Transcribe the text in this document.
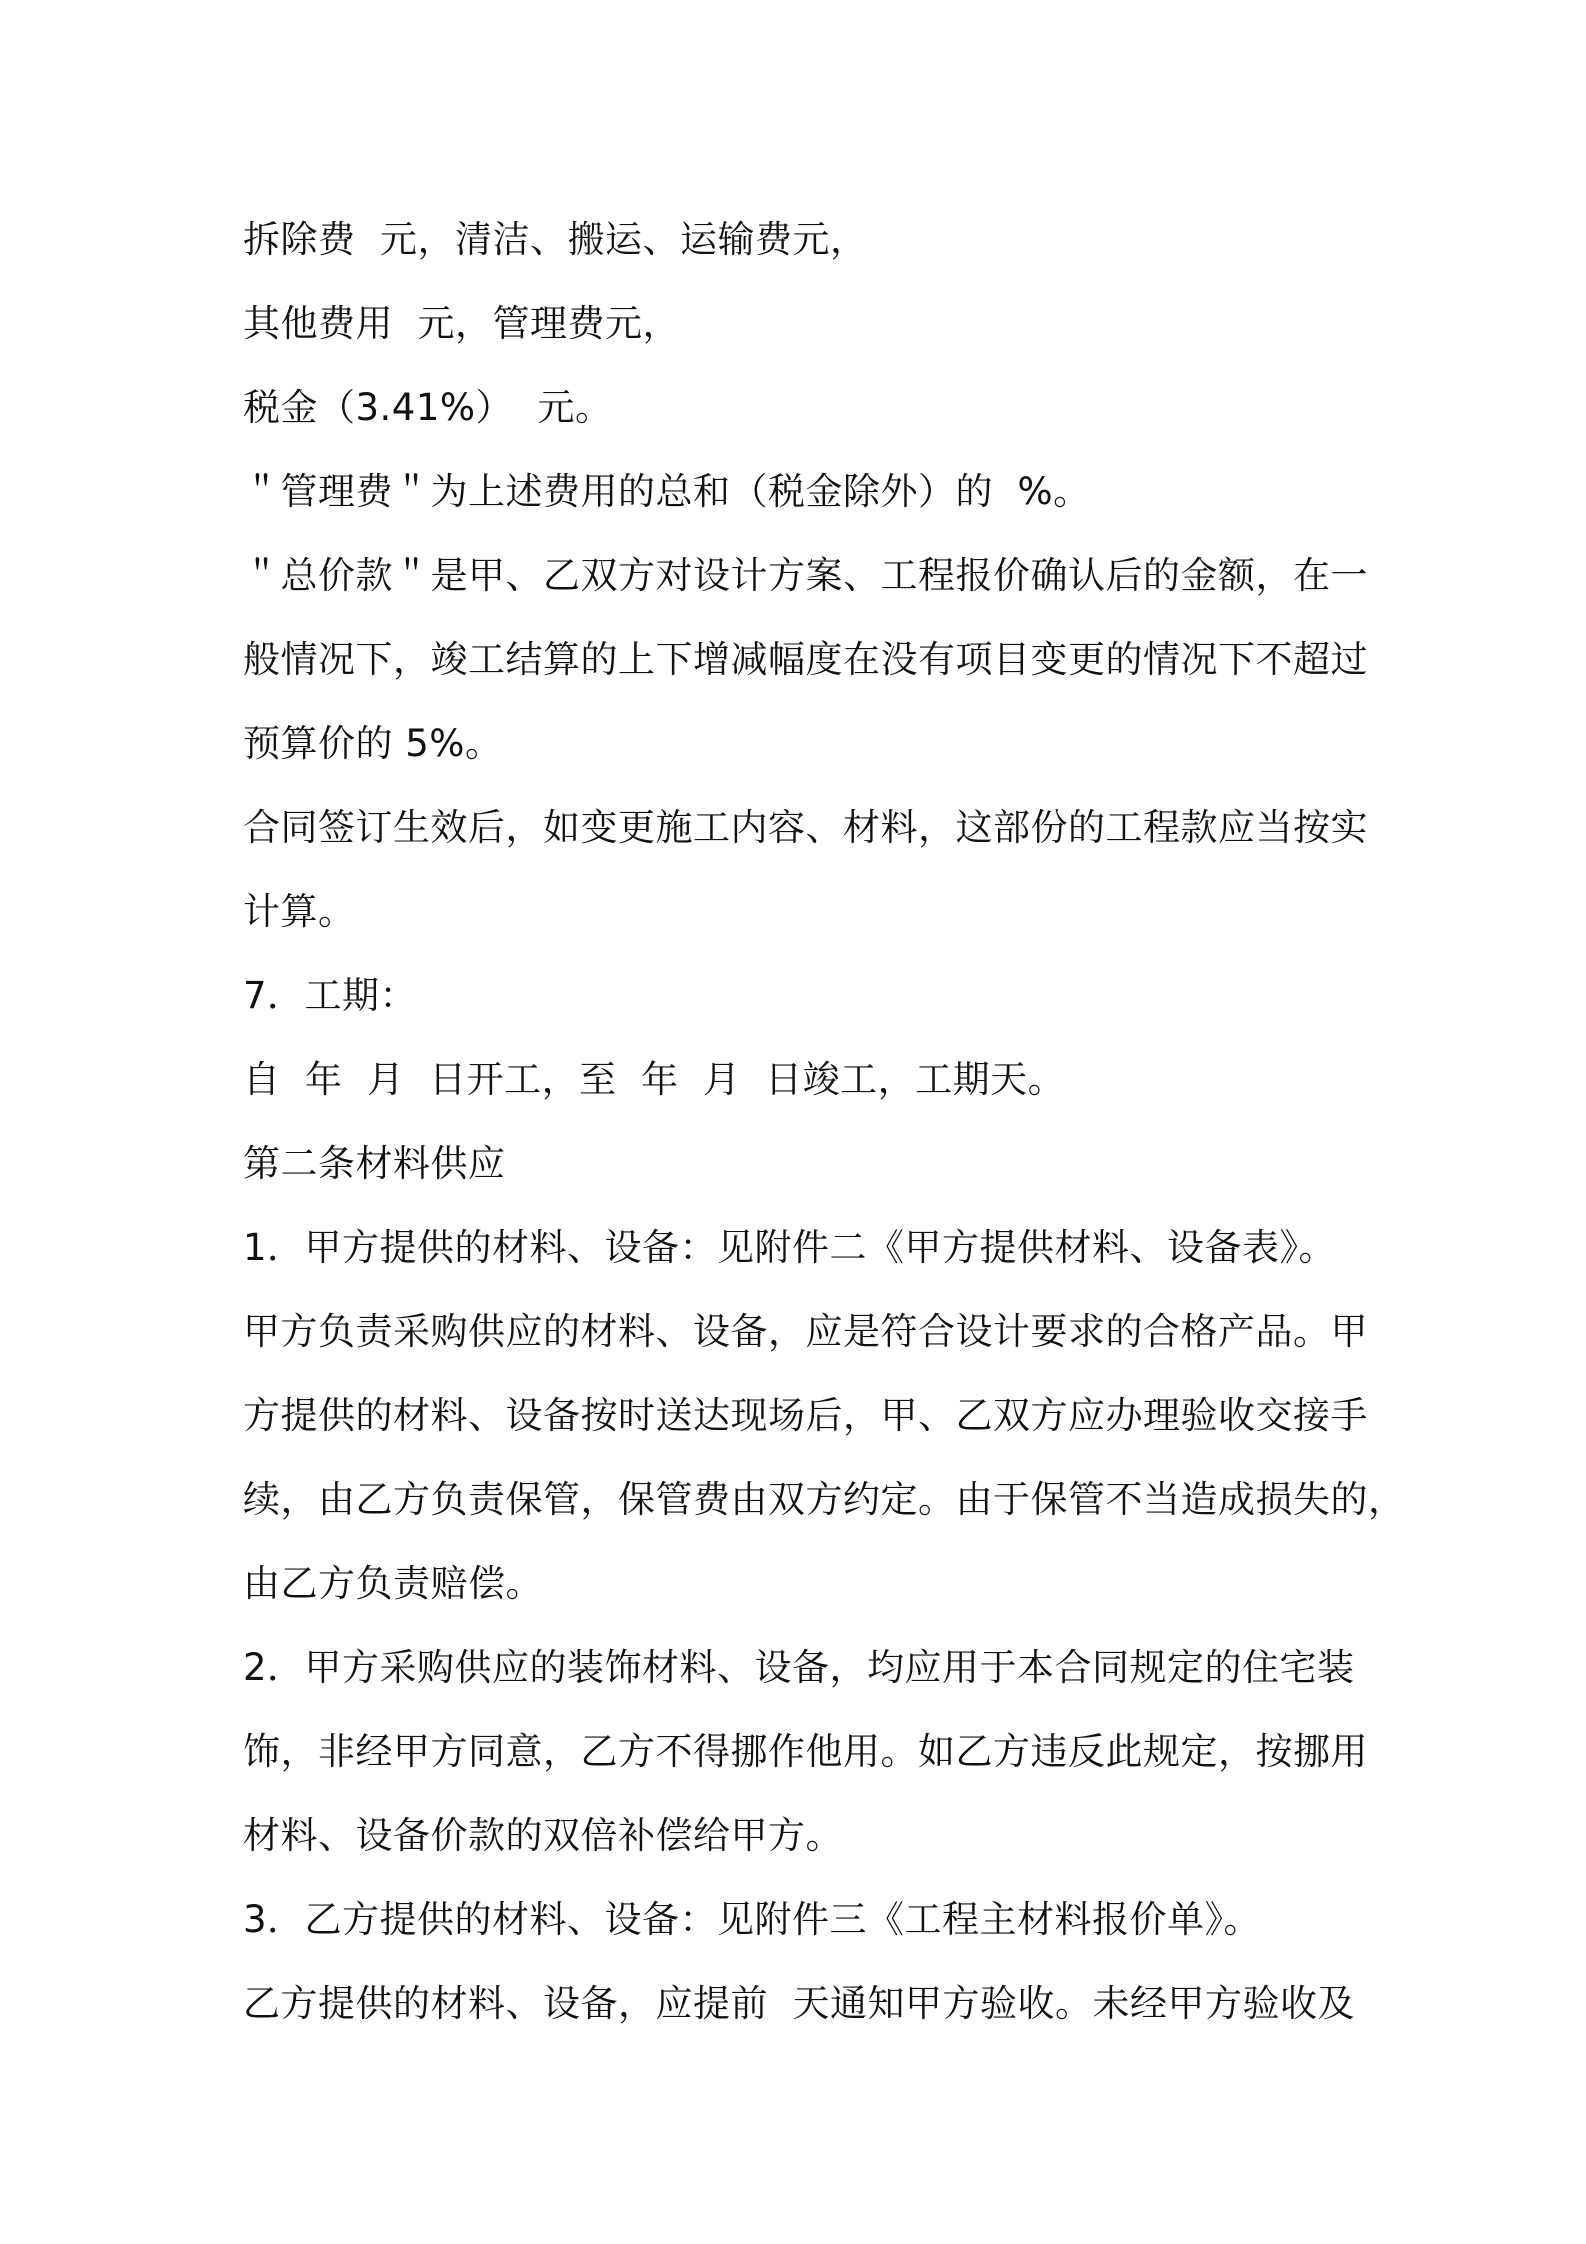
拆除费  元，清洁、搬运、运输费元，
其他费用  元，管理费元，
税金（3.41%）  元。
＂管理费＂为上述费用的总和（税金除外）的  %。
＂总价款＂是甲、乙双方对设计方案、工程报价确认后的金额，在一
般情况下，竣工结算的上下增减幅度在没有项目变更的情况下不超过
预算价的 5%。
合同签订生效后，如变更施工内容、材料，这部份的工程款应当按实
计算。
7．工期：
自  年  月  日开工，至  年  月  日竣工，工期天。
第二条材料供应
1．甲方提供的材料、设备：见附件二《甲方提供材料、设备表》。
甲方负责采购供应的材料、设备，应是符合设计要求的合格产品。甲
方提供的材料、设备按时送达现场后，甲、乙双方应办理验收交接手
续，由乙方负责保管，保管费由双方约定。由于保管不当造成损失的，
由乙方负责赔偿。
2．甲方采购供应的装饰材料、设备，均应用于本合同规定的住宅装
饰，非经甲方同意，乙方不得挪作他用。如乙方违反此规定，按挪用
材料、设备价款的双倍补偿给甲方。
3．乙方提供的材料、设备：见附件三《工程主材料报价单》。
乙方提供的材料、设备，应提前  天通知甲方验收。未经甲方验收及
